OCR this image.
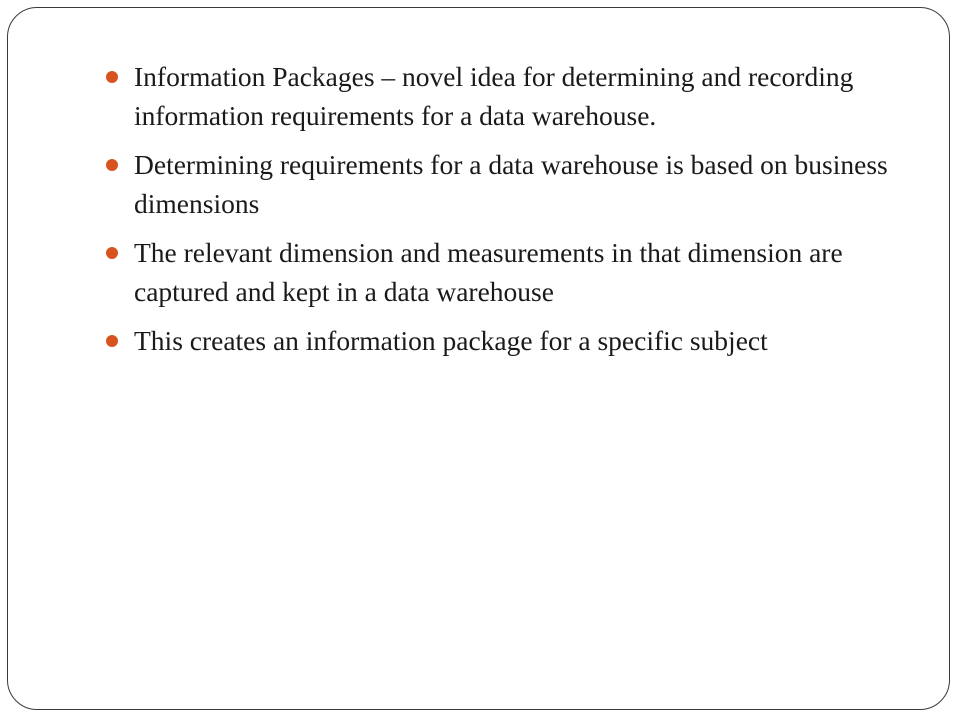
Information Packages – novel idea for determining and recording information requirements for a data warehouse.
Determining requirements for a data warehouse is based on business dimensions
The relevant dimension and measurements in that dimension are captured and kept in a data warehouse
This creates an information package for a specific subject
